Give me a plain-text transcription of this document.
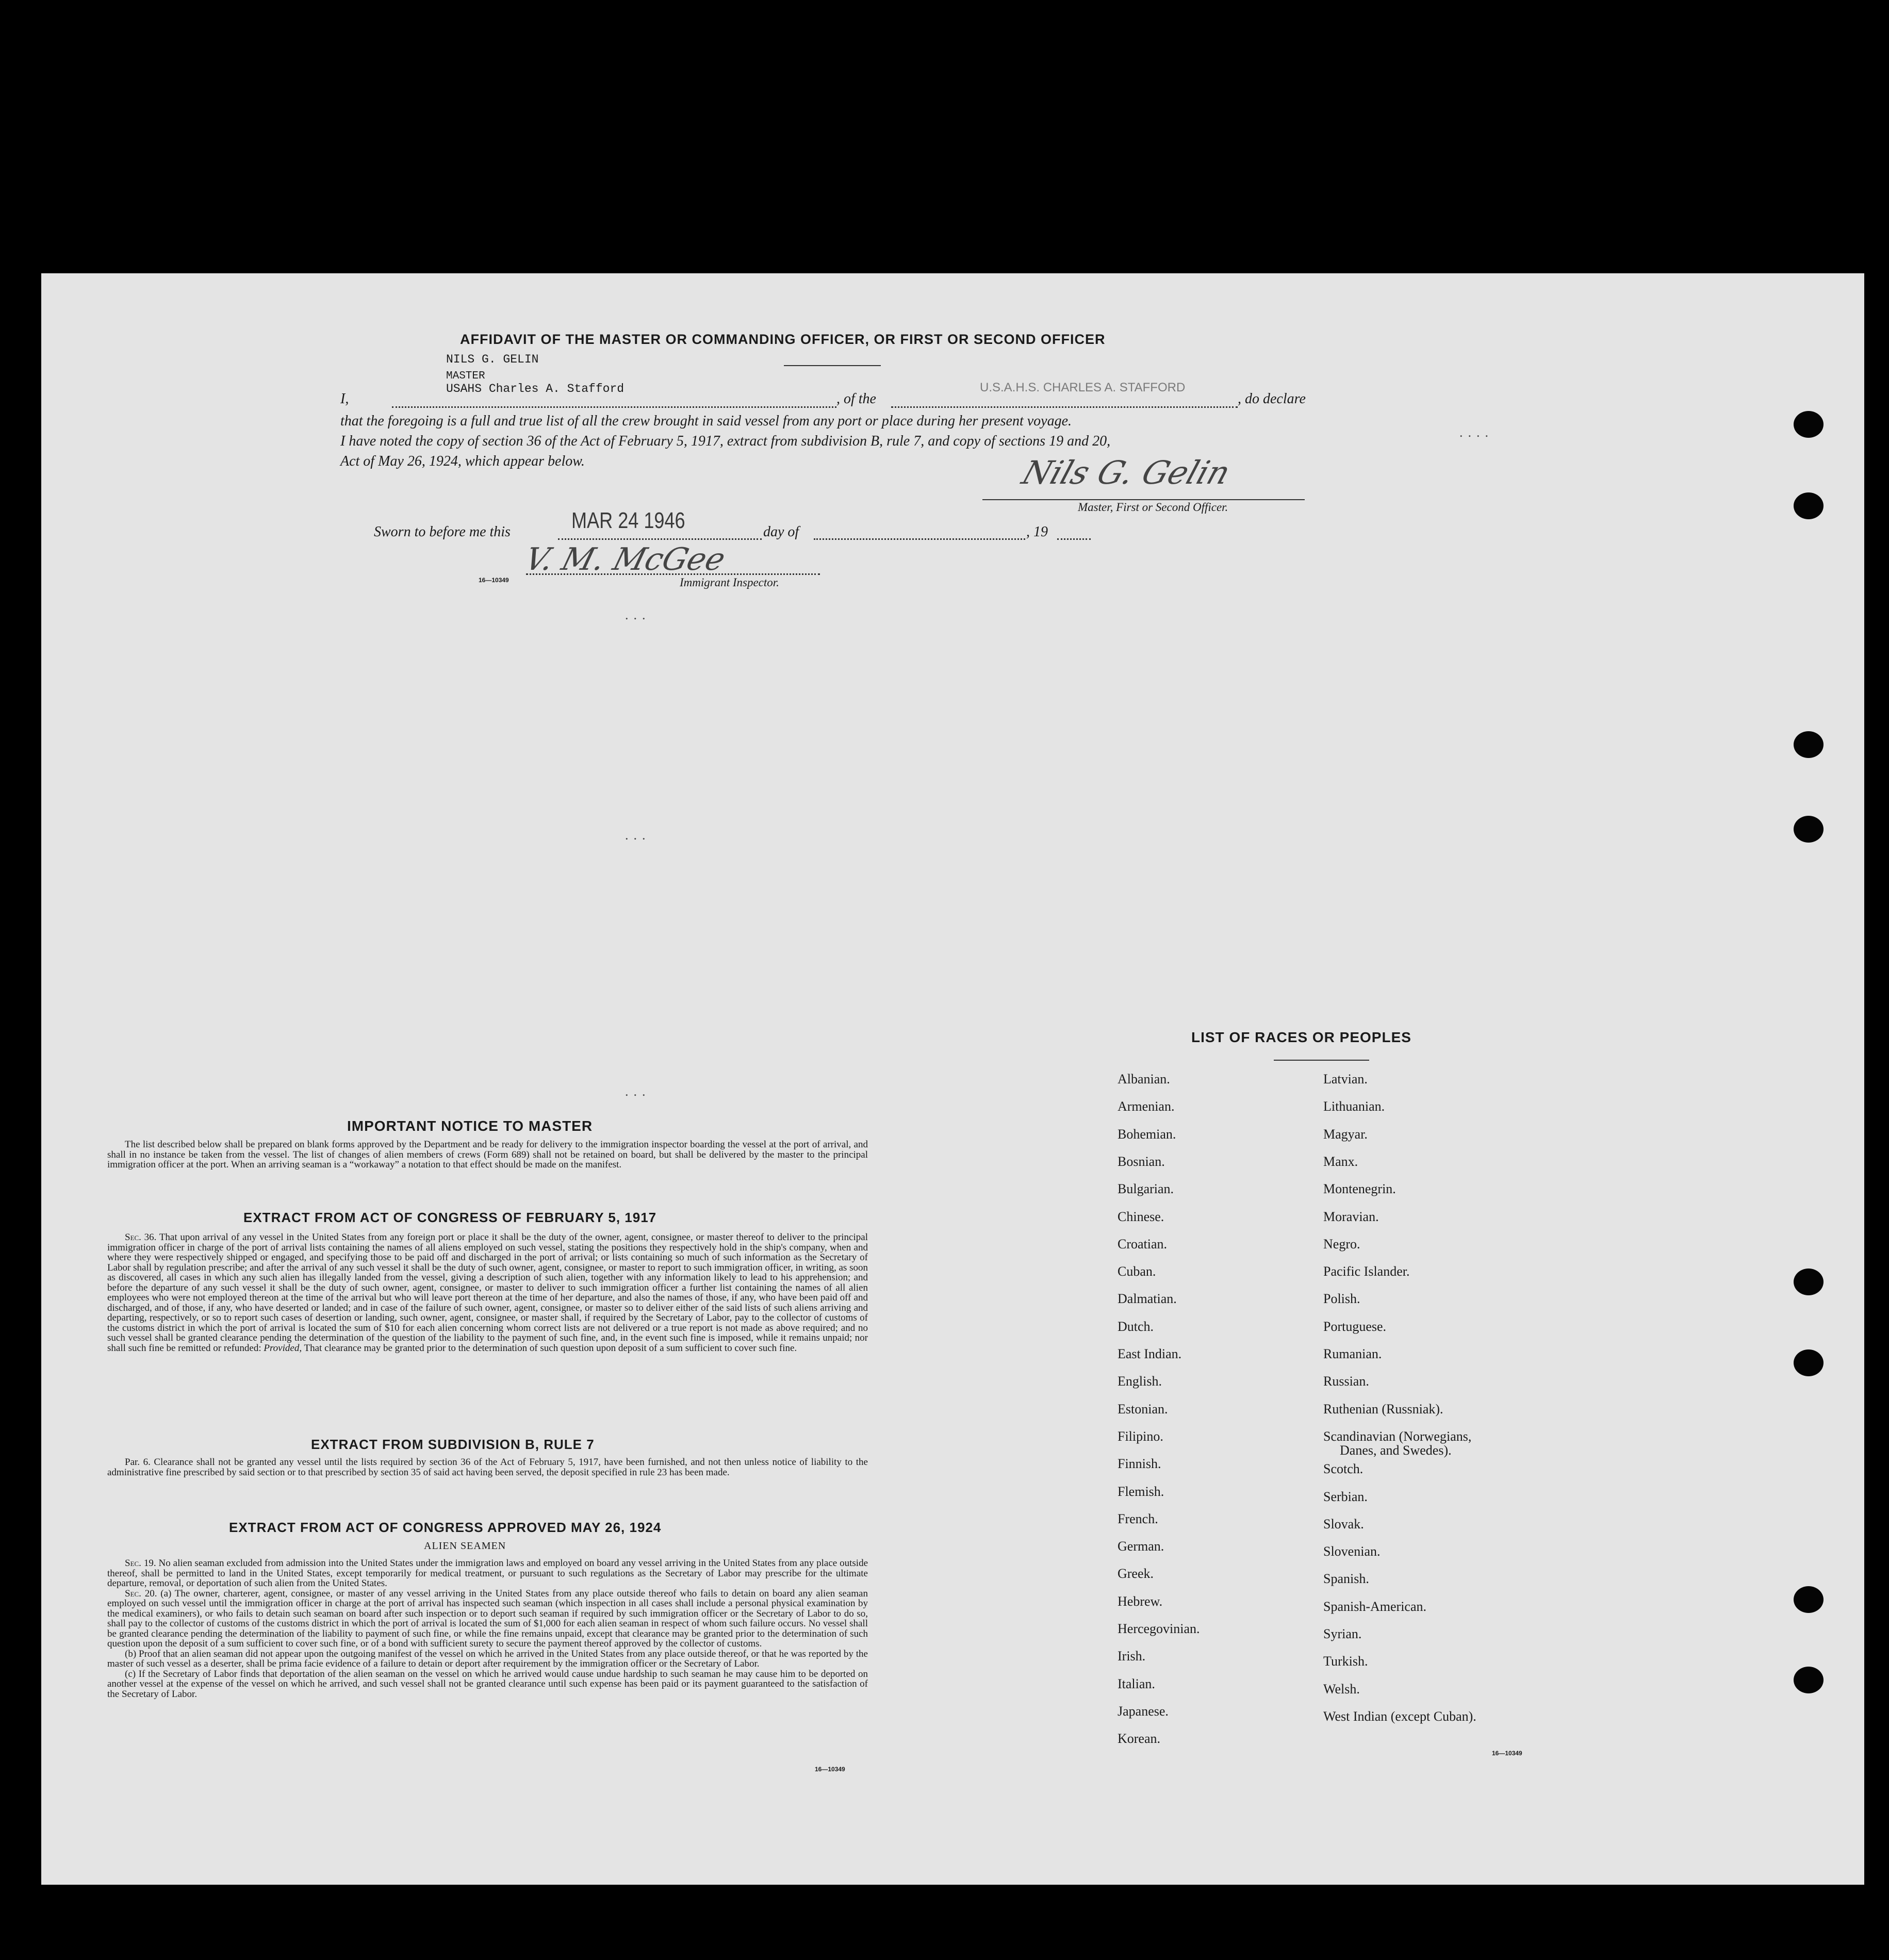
AFFIDAVIT OF THE MASTER OR COMMANDING OFFICER, OR FIRST OR SECOND OFFICER
NILS G. GELIN
MASTER
USAHS Charles A. Stafford
I,	, of the
U.S.A.H.S. CHARLES A. STAFFORD
, do declare
that the foregoing is a full and true list of all the crew brought in said vessel from any port or place during her present voyage.
I have noted the copy of section 36 of the Act of February 5, 1917, extract from subdivision B, rule 7, and copy of sections 19 and 20,
Act of May 26, 1924, which appear below.	Nils G. Gelin
Master, First or Second Officer.
Sworn to before me this	MAR 24 1946	day of	, 19
V. M. McGee
16—10349	Immigrant Inspector.
...
...
...
....
IMPORTANT NOTICE TO MASTER
The list described below shall be prepared on blank forms approved by the Department and be ready for delivery to the immigration inspector boarding the vessel at the port of arrival, and shall in no instance be taken from the vessel. The list of changes of alien members of crews (Form 689) shall not be retained on board, but shall be delivered by the master to the principal immigration officer at the port. When an arriving seaman is a “workaway” a notation to that effect should be made on the manifest.
EXTRACT FROM ACT OF CONGRESS OF FEBRUARY 5, 1917
Sec. 36. That upon arrival of any vessel in the United States from any foreign port or place it shall be the duty of the owner, agent, consignee, or master thereof to deliver to the principal immigration officer in charge of the port of arrival lists containing the names of all aliens employed on such vessel, stating the positions they respectively hold in the ship's company, when and where they were respectively shipped or engaged, and specifying those to be paid off and discharged in the port of arrival; or lists containing so much of such information as the Secretary of Labor shall by regulation prescribe; and after the arrival of any such vessel it shall be the duty of such owner, agent, consignee, or master to report to such immigration officer, in writing, as soon as discovered, all cases in which any such alien has illegally landed from the vessel, giving a description of such alien, together with any information likely to lead to his apprehension; and before the departure of any such vessel it shall be the duty of such owner, agent, consignee, or master to deliver to such immigration officer a further list containing the names of all alien employees who were not employed thereon at the time of the arrival but who will leave port thereon at the time of her departure, and also the names of those, if any, who have been paid off and discharged, and of those, if any, who have deserted or landed; and in case of the failure of such owner, agent, consignee, or master so to deliver either of the said lists of such aliens arriving and departing, respectively, or so to report such cases of desertion or landing, such owner, agent, consignee, or master shall, if required by the Secretary of Labor, pay to the collector of customs of the customs district in which the port of arrival is located the sum of $10 for each alien concerning whom correct lists are not delivered or a true report is not made as above required; and no such vessel shall be granted clearance pending the determination of the question of the liability to the payment of such fine, and, in the event such fine is imposed, while it remains unpaid; nor shall such fine be remitted or refunded: Provided, That clearance may be granted prior to the determination of such question upon deposit of a sum sufficient to cover such fine.
EXTRACT FROM SUBDIVISION B, RULE 7
Par. 6. Clearance shall not be granted any vessel until the lists required by section 36 of the Act of February 5, 1917, have been furnished, and not then unless notice of liability to the administrative fine prescribed by said section or to that prescribed by section 35 of said act having been served, the deposit specified in rule 23 has been made.
EXTRACT FROM ACT OF CONGRESS APPROVED MAY 26, 1924
ALIEN SEAMEN
Sec. 19. No alien seaman excluded from admission into the United States under the immigration laws and employed on board any vessel arriving in the United States from any place outside thereof, shall be permitted to land in the United States, except temporarily for medical treatment, or pursuant to such regulations as the Secretary of Labor may prescribe for the ultimate departure, removal, or deportation of such alien from the United States.
Sec. 20. (a) The owner, charterer, agent, consignee, or master of any vessel arriving in the United States from any place outside thereof who fails to detain on board any alien seaman employed on such vessel until the immigration officer in charge at the port of arrival has inspected such seaman (which inspection in all cases shall include a personal physical examination by the medical examiners), or who fails to detain such seaman on board after such inspection or to deport such seaman if required by such immigration officer or the Secretary of Labor to do so, shall pay to the collector of customs of the customs district in which the port of arrival is located the sum of $1,000 for each alien seaman in respect of whom such failure occurs. No vessel shall be granted clearance pending the determination of the liability to payment of such fine, or while the fine remains unpaid, except that clearance may be granted prior to the determination of such question upon the deposit of a sum sufficient to cover such fine, or of a bond with sufficient surety to secure the payment thereof approved by the collector of customs.
(b) Proof that an alien seaman did not appear upon the outgoing manifest of the vessel on which he arrived in the United States from any place outside thereof, or that he was reported by the master of such vessel as a deserter, shall be prima facie evidence of a failure to detain or deport after requirement by the immigration officer or the Secretary of Labor.
(c) If the Secretary of Labor finds that deportation of the alien seaman on the vessel on which he arrived would cause undue hardship to such seaman he may cause him to be deported on another vessel at the expense of the vessel on which he arrived, and such vessel shall not be granted clearance until such expense has been paid or its payment guaranteed to the satisfaction of the Secretary of Labor.
16—10349
LIST OF RACES OR PEOPLES
Albanian.
Armenian.
Bohemian.
Bosnian.
Bulgarian.
Chinese.
Croatian.
Cuban.
Dalmatian.
Dutch.
East Indian.
English.
Estonian.
Filipino.
Finnish.
Flemish.
French.
German.
Greek.
Hebrew.
Hercegovinian.
Irish.
Italian.
Japanese.
Korean.
Latvian.
Lithuanian.
Magyar.
Manx.
Montenegrin.
Moravian.
Negro.
Pacific Islander.
Polish.
Portuguese.
Rumanian.
Russian.
Ruthenian (Russniak).
Scandinavian (Norwegians,
Danes, and Swedes).
Scotch.
Serbian.
Slovak.
Slovenian.
Spanish.
Spanish-American.
Syrian.
Turkish.
Welsh.
West Indian (except Cuban).
16—10349
